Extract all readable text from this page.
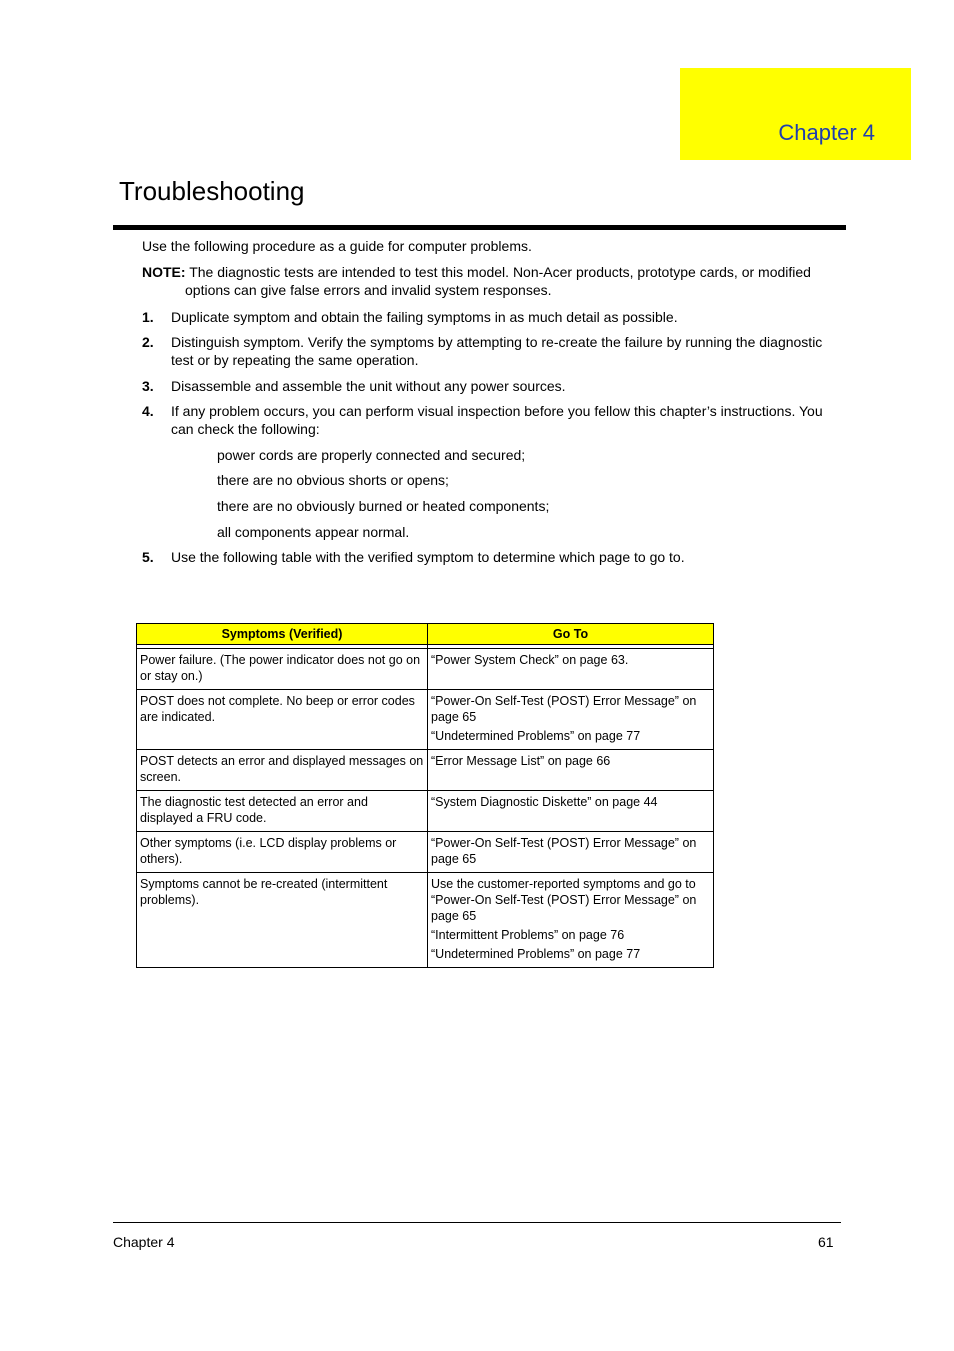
Chapter 4
Troubleshooting
Use the following procedure as a guide for computer problems.
NOTE: The diagnostic tests are intended to test this model. Non-Acer products, prototype cards, or modified options can give false errors and invalid system responses.
1. Duplicate symptom and obtain the failing symptoms in as much detail as possible.
2. Distinguish symptom. Verify the symptoms by attempting to re-create the failure by running the diagnostic test or by repeating the same operation.
3. Disassemble and assemble the unit without any power sources.
4. If any problem occurs, you can perform visual inspection before you fellow this chapter’s instructions. You can check the following:
power cords are properly connected and secured;
there are no obvious shorts or opens;
there are no obviously burned or heated components;
all components appear normal.
5. Use the following table with the verified symptom to determine which page to go to.
Symptoms (Verified)	Go To

Power failure. (The power indicator does not go on or stay on.)	“Power System Check” on page 63.

POST does not complete. No beep or error codes are indicated.	“Power-On Self-Test (POST) Error Message” on page 65
“Undetermined Problems” on page 77

POST detects an error and displayed messages on screen.	“Error Message List” on page 66

The diagnostic test detected an error and displayed a FRU code.	“System Diagnostic Diskette” on page 44

Other symptoms (i.e. LCD display problems or others).	“Power-On Self-Test (POST) Error Message” on page 65

Symptoms cannot be re-created (intermittent problems).	Use the customer-reported symptoms and go to “Power-On Self-Test (POST) Error Message” on page 65
“Intermittent Problems” on page 76
“Undetermined Problems” on page 77
Chapter 4	61
